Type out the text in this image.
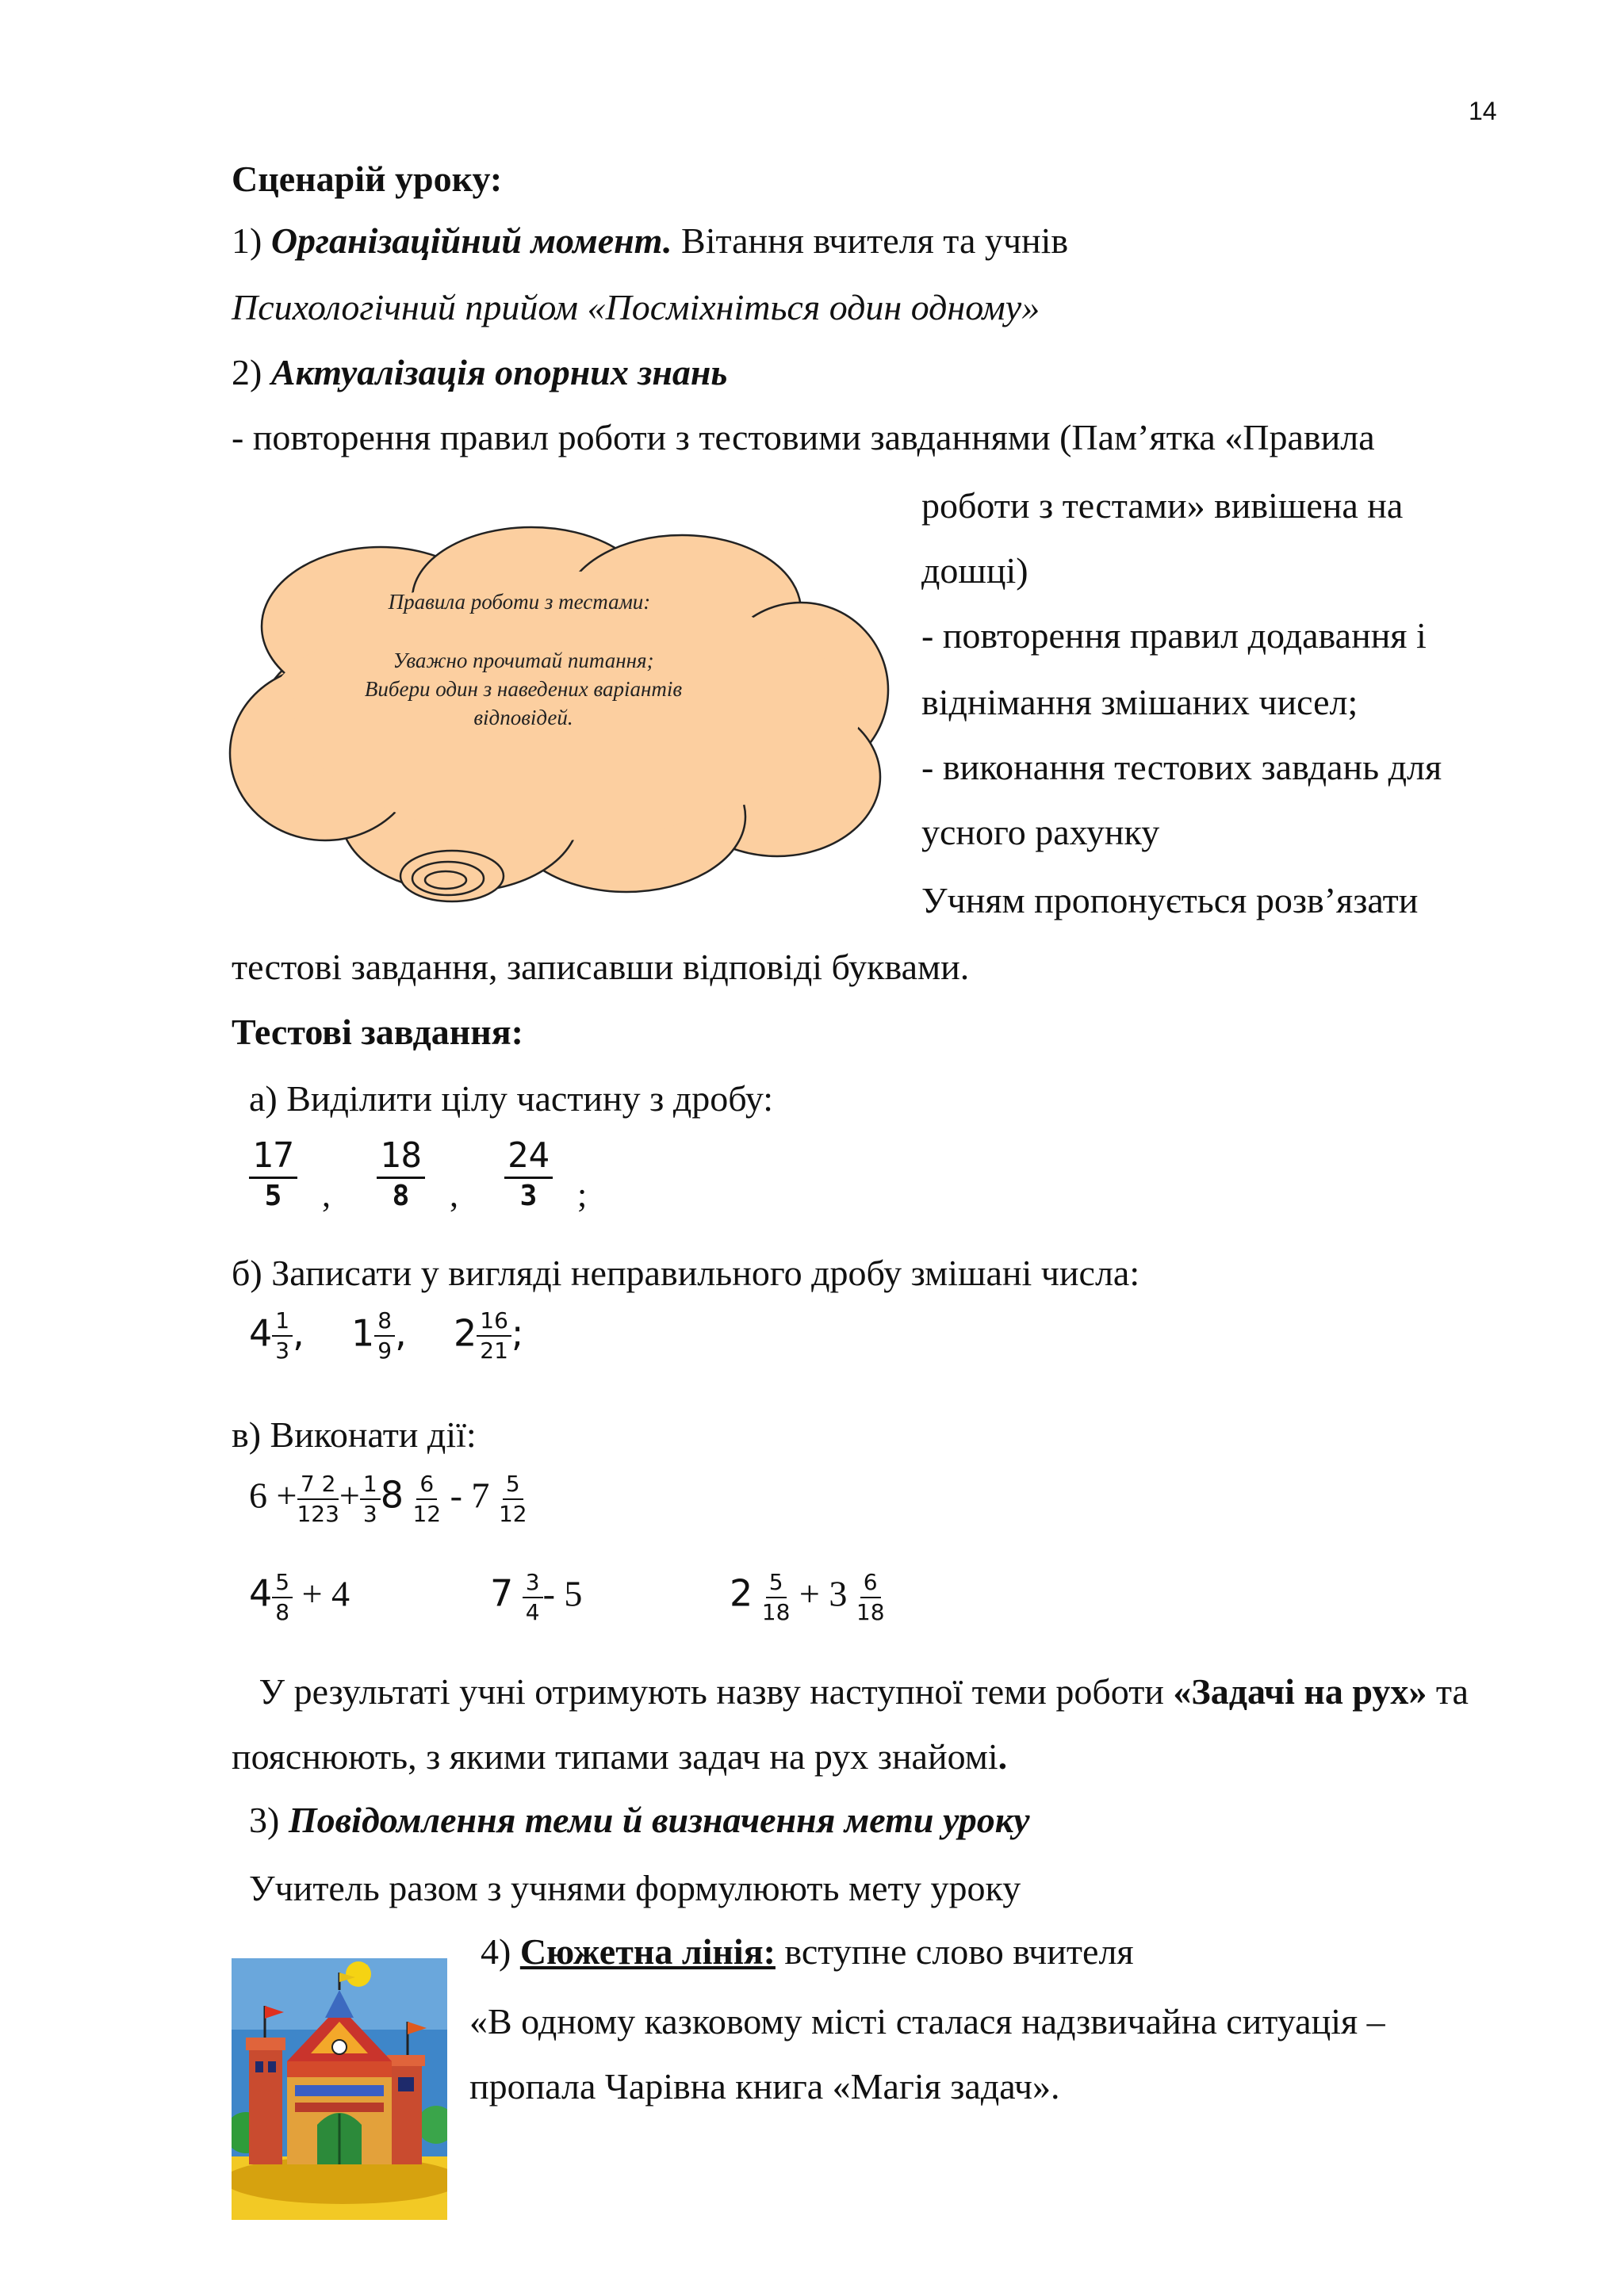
14
Сценарій уроку:
1) Організаційний момент. Вітання вчителя та учнів
Психологічний прийом «Посміхніться один одному»
2) Актуалізація опорних знань
- повторення правил роботи з тестовими завданнями (Пам’ятка «Правила
роботи з тестами» вивішена на
дошці)
- повторення правил додавання і
віднімання змішаних чисел;
- виконання тестових завдань для
усного рахунку
Учням пропонується розв’язати
Правила роботи з тестами:
Уважно прочитай питання;
Вибери один з наведених варіантів
відповідей.
тестові завдання, записавши відповіді буквами.
Тестові завдання:
а) Виділити цілу частину з дробу:
$\frac{17}{5}$ , $\frac{18}{8}$ , $\frac{24}{3}$ ;
б) Записати у вигляді неправильного дробу змішані числа:
$4 \frac{1}{3}$ , $1 \frac{8}{9}$ , $2 \frac{16}{21}$ ;
в) Виконати дії:
$6 + \frac{7 2}{123} + \frac{1}{3} 8 \frac{6}{12} - 7 \frac{5}{12}$
$4 \frac{5}{8} + 4$	$7 \frac{3}{4} - 5$	$2 \frac{5}{18} + 3 \frac{6}{18}$
У результаті учні отримують назву наступної теми роботи «Задачі на рух» та
пояснюють, з якими типами задач на рух знайомі.
3) Повідомлення теми й визначення мети уроку
Учитель разом з учнями формулюють мету уроку
4) Сюжетна лінія: вступне слово вчителя
«В одному казковому місті сталася надзвичайна ситуація –
пропала Чарівна книга «Магія задач».
